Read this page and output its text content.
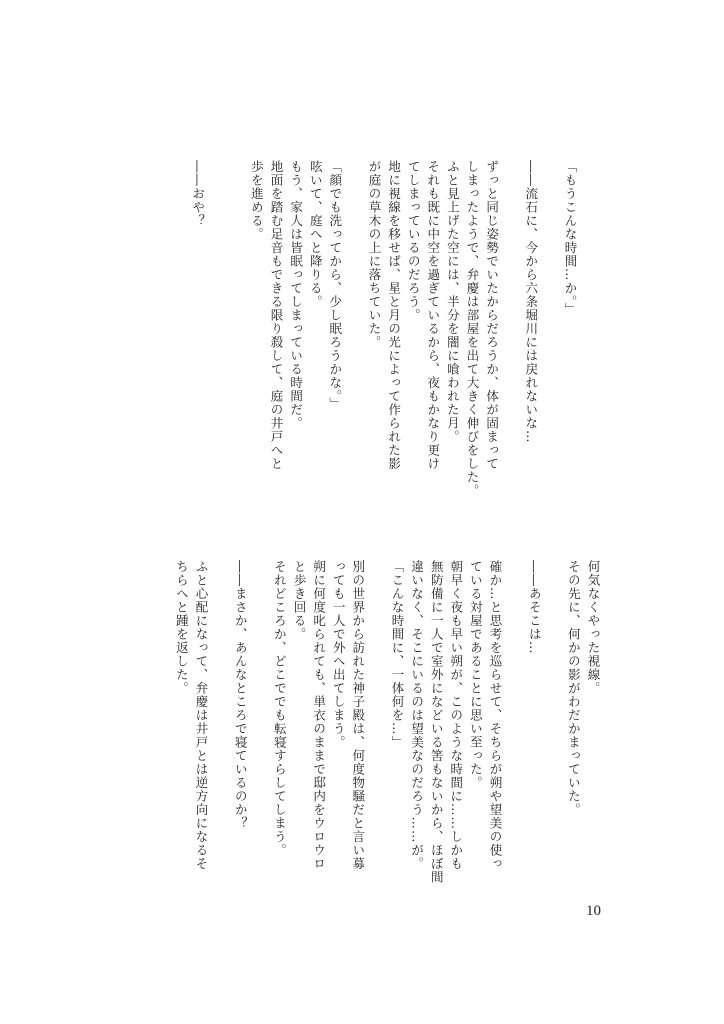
「もうこんな時間…か。」
――流石に、今から六条堀川には戻れないな…
ずっと同じ姿勢でいたからだろうか、体が固まって
しまったようで、弁慶は部屋を出て大きく伸びをした。
ふと見上げた空には、半分を闇に喰われた月。
それも既に中空を過ぎているから、夜もかなり更け
てしまっているのだろう。
地に視線を移せば、星と月の光によって作られた影
が庭の草木の上に落ちていた。
「顔でも洗ってから、少し眠ろうかな。」
呟いて、庭へと降りる。
もう、家人は皆眠ってしまっている時間だ。
地面を踏む足音もできる限り殺して、庭の井戸へと
歩を進める。
――おや？
何気なくやった視線。
その先に、何かの影がわだかまっていた。
――あそこは…
確か…と思考を巡らせて、そちらが朔や望美の使っ
ている対屋であることに思い至った。
朝早く夜も早い朔が、このような時間に……しかも
無防備に一人で室外になどいる筈もないから、ほぼ間
違いなく、そこにいるのは望美なのだろう……が。
「こんな時間に、一体何を…」
別の世界から訪れた神子殿は、何度物騒だと言い募
っても一人で外へ出てしまう。
朔に何度叱られても、単衣のままで邸内をウロウロ
と歩き回る。
それどころか、どこででも転寝すらしてしまう。
――まさか、あんなところで寝ているのか？
ふと心配になって、弁慶は井戸とは逆方向になるそ
ちらへと踵を返した。
10
